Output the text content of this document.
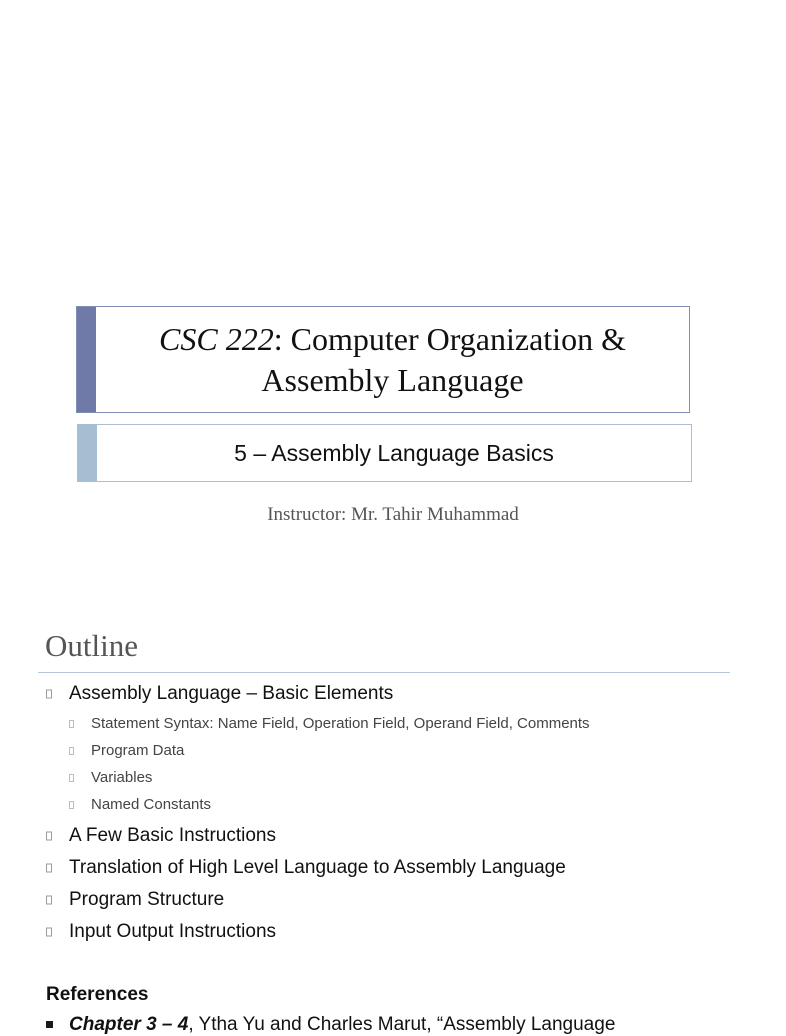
CSC 222: Computer Organization &
Assembly Language
5 – Assembly Language Basics
Instructor: Mr. Tahir Muhammad
Outline
Assembly Language – Basic Elements
Statement Syntax: Name Field, Operation Field, Operand Field, Comments
Program Data
Variables
Named Constants
A Few Basic Instructions
Translation of High Level Language to Assembly Language
Program Structure
Input Output Instructions
References
Chapter 3 – 4, Ytha Yu and Charles Marut, “Assembly Language
